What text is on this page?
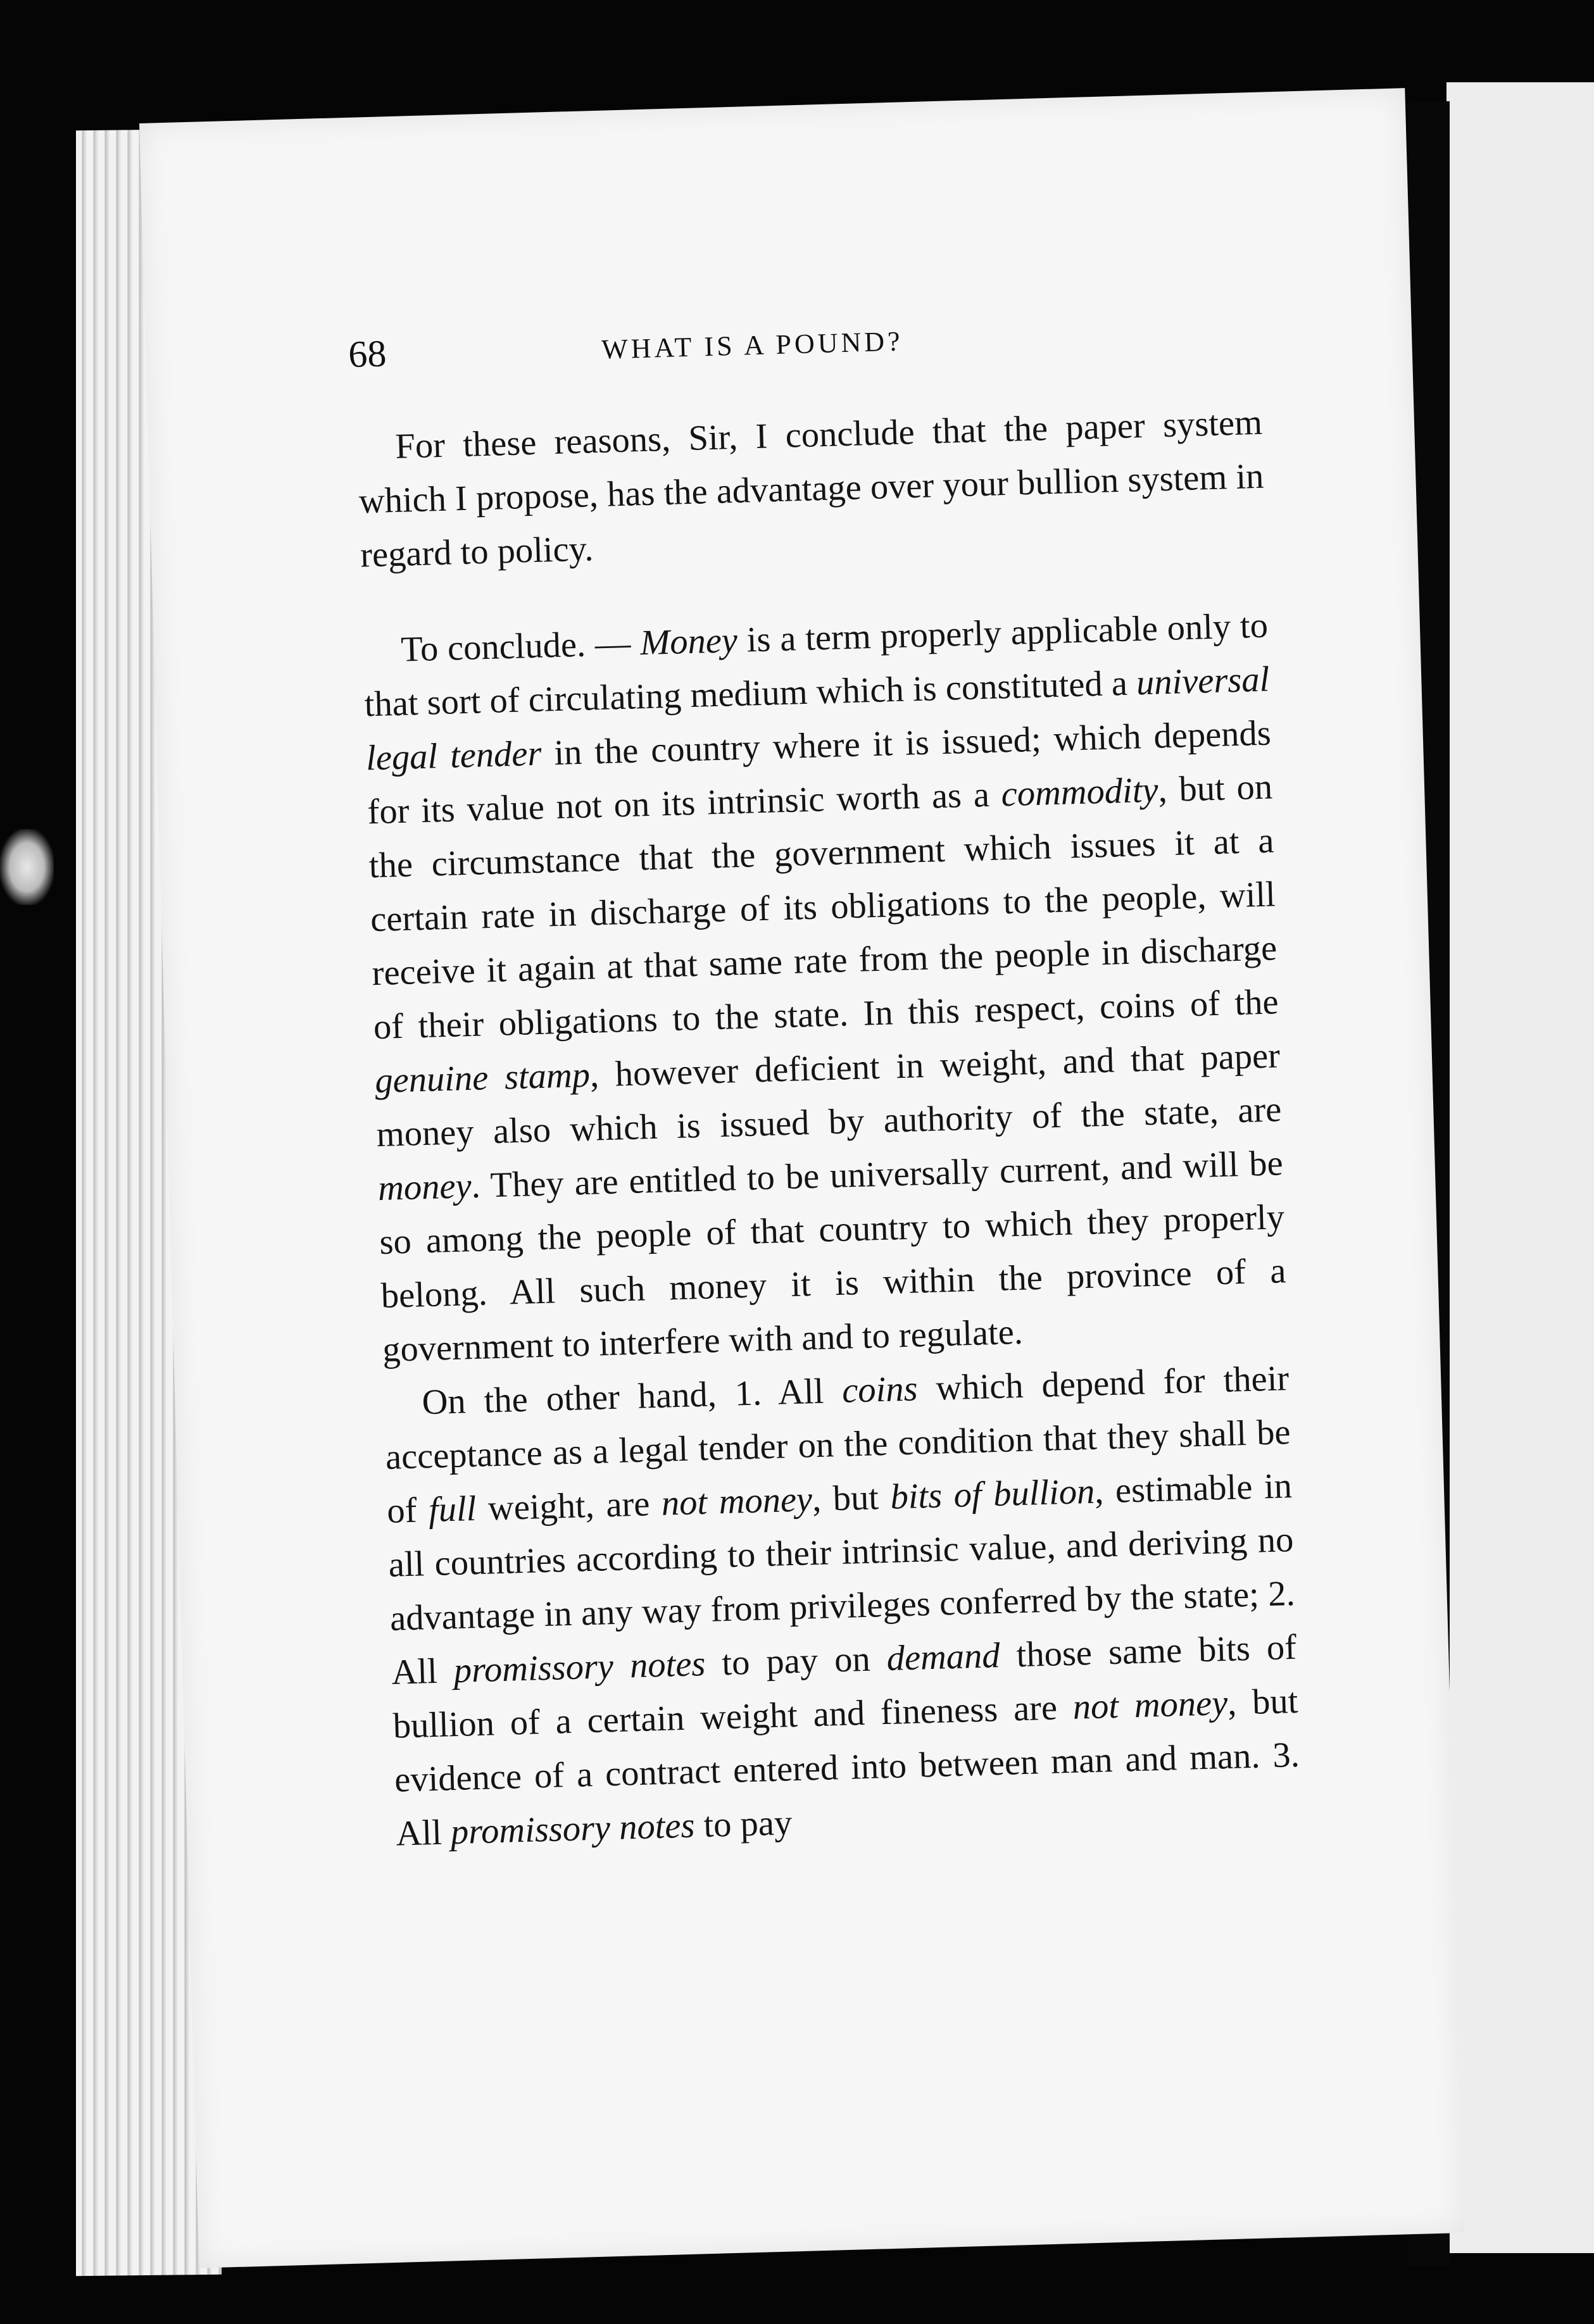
68	WHAT IS A POUND?

For these reasons, Sir, I conclude that the paper system which I propose, has the advantage over your bullion system in regard to policy.

To conclude. — Money is a term properly applicable only to that sort of circulating medium which is constituted a universal legal tender in the country where it is issued; which depends for its value not on its intrinsic worth as a commodity, but on the circumstance that the government which issues it at a certain rate in discharge of its obligations to the people, will receive it again at that same rate from the people in discharge of their obligations to the state. In this respect, coins of the genuine stamp, however deficient in weight, and that paper money also which is issued by authority of the state, are money. They are entitled to be universally current, and will be so among the people of that country to which they properly belong. All such money it is within the province of a government to interfere with and to regulate.

On the other hand, 1. All coins which depend for their acceptance as a legal tender on the condition that they shall be of full weight, are not money, but bits of bullion, estimable in all countries according to their intrinsic value, and deriving no advantage in any way from privileges conferred by the state; 2. All promissory notes to pay on demand those same bits of bullion of a certain weight and fineness are not money, but evidence of a contract entered into between man and man. 3. All promissory notes to pay
